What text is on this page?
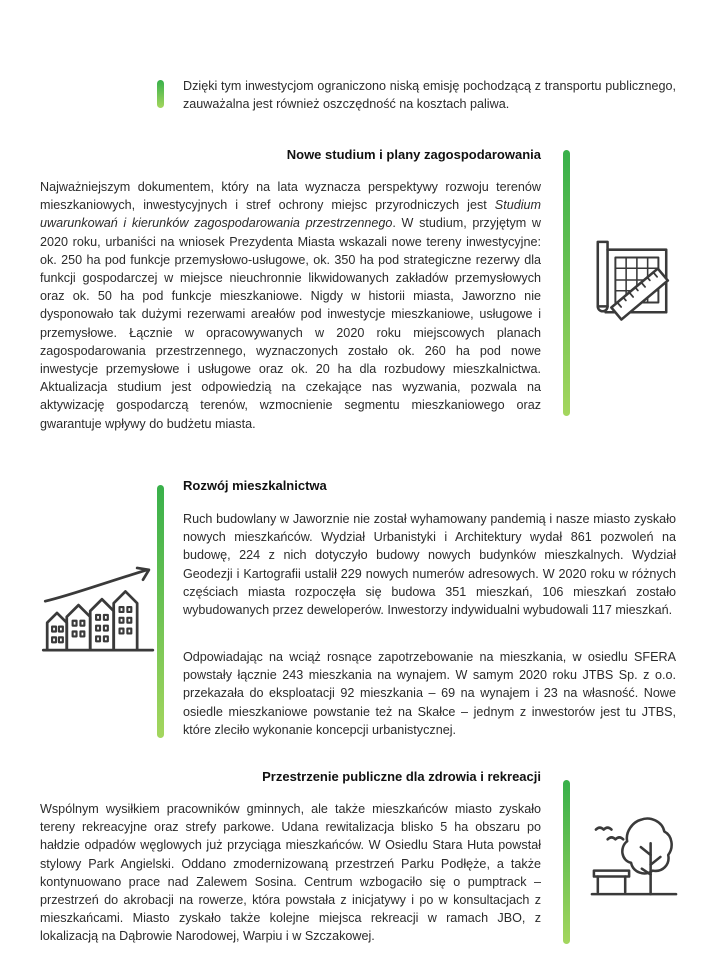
Dzięki tym inwestycjom ograniczono niską emisję pochodzącą z transportu publicznego, zauważalna jest również oszczędność na kosztach paliwa.

Nowe studium i plany zagospodarowania

Najważniejszym dokumentem, który na lata wyznacza perspektywy rozwoju terenów mieszkaniowych, inwestycyjnych i stref ochrony miejsc przyrodniczych jest Studium uwarunkowań i kierunków zagospodarowania przestrzennego. W studium, przyjętym w 2020 roku, urbaniści na wniosek Prezydenta Miasta wskazali nowe tereny inwestycyjne: ok. 250 ha pod funkcje przemysłowo-usługowe, ok. 350 ha pod strategiczne rezerwy dla funkcji gospodarczej w miejsce nieuchronnie likwidowanych zakładów przemysłowych oraz ok. 50 ha pod funkcje mieszkaniowe. Nigdy w historii miasta, Jaworzno nie dysponowało tak dużymi rezerwami areałów pod inwestycje mieszkaniowe, usługowe i przemysłowe. Łącznie w opracowywanych w 2020 roku miejscowych planach zagospodarowania przestrzennego, wyznaczonych zostało ok. 260 ha pod nowe inwestycje przemysłowe i usługowe oraz ok. 20 ha dla rozbudowy mieszkalnictwa. Aktualizacja studium jest odpowiedzią na czekające nas wyzwania, pozwala na aktywizację gospodarczą terenów, wzmocnienie segmentu mieszkaniowego oraz gwarantuje wpływy do budżetu miasta.

Rozwój mieszkalnictwa

Ruch budowlany w Jaworznie nie został wyhamowany pandemią i nasze miasto zyskało nowych mieszkańców. Wydział Urbanistyki i Architektury wydał 861 pozwoleń na budowę, 224 z nich dotyczyło budowy nowych budynków mieszkalnych. Wydział Geodezji i Kartografii ustalił 229 nowych numerów adresowych. W 2020 roku w różnych częściach miasta rozpoczęła się budowa 351 mieszkań, 106 mieszkań zostało wybudowanych przez deweloperów. Inwestorzy indywidualni wybudowali 117 mieszkań.

Odpowiadając na wciąż rosnące zapotrzebowanie na mieszkania, w osiedlu SFERA powstały łącznie 243 mieszkania na wynajem. W samym 2020 roku JTBS Sp. z o.o. przekazała do eksploatacji 92 mieszkania – 69 na wynajem i 23 na własność. Nowe osiedle mieszkaniowe powstanie też na Skałce – jednym z inwestorów jest tu JTBS, które zleciło wykonanie koncepcji urbanistycznej.

Przestrzenie publiczne dla zdrowia i rekreacji

Wspólnym wysiłkiem pracowników gminnych, ale także mieszkańców miasto zyskało tereny rekreacyjne oraz strefy parkowe. Udana rewitalizacja blisko 5 ha obszaru po hałdzie odpadów węglowych już przyciąga mieszkańców. W Osiedlu Stara Huta powstał stylowy Park Angielski. Oddano zmodernizowaną przestrzeń Parku Podłęże, a także kontynuowano prace nad Zalewem Sosina. Centrum wzbogaciło się o pumptrack – przestrzeń do akrobacji na rowerze, która powstała z inicjatywy i po w konsultacjach z mieszkańcami. Miasto zyskało także kolejne miejsca rekreacji w ramach JBO, z lokalizacją na Dąbrowie Narodowej, Warpiu i w Szczakowej.
